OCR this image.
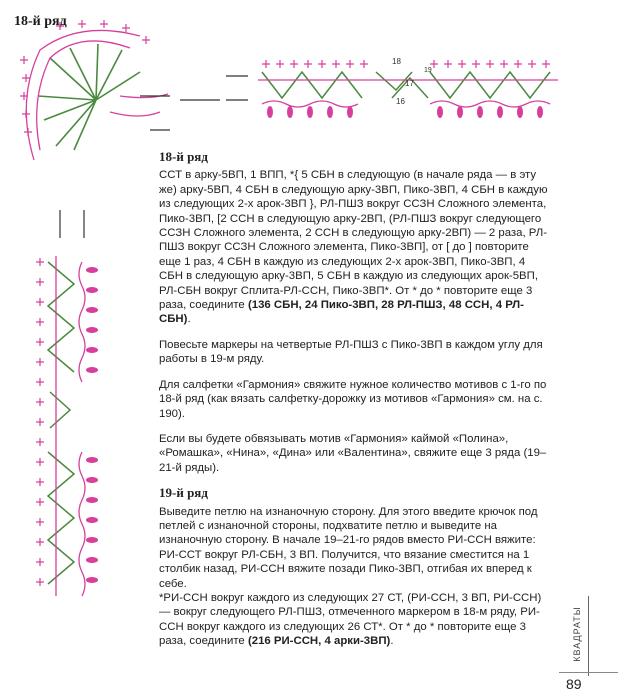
18-й ряд
18
17
16
19
18-й ряд

ССТ в арку-5ВП, 1 ВПП, *{ 5 СБН в следующую (в начале ряда — в эту же) арку-5ВП, 4 СБН в следующую арку-3ВП, Пико-3ВП, 4 СБН в каждую из следующих 2-х арок-3ВП }, РЛ-ПШЗ вокруг ССЗН Сложного элемента, Пико-3ВП, [2 ССН в следующую арку-2ВП, (РЛ-ПШЗ вокруг следующего ССЗН Сложного элемента, 2 ССН в следующую арку-2ВП) — 2 раза, РЛ-ПШЗ вокруг ССЗН Сложного элемента, Пико-3ВП], от [ до ] повторите еще 1 раз, 4 СБН в каждую из следующих 2-х арок-3ВП, Пико-3ВП, 4 СБН в следующую арку-3ВП, 5 СБН в каждую из следующих арок-5ВП, РЛ-СБН вокруг Сплита-РЛ-ССН, Пико-3ВП*. От * до * повторите еще 3 раза, соедините (136 СБН, 24 Пико-3ВП, 28 РЛ-ПШЗ, 48 ССН, 4 РЛ-СБН).

Повесьте маркеры на четвертые РЛ-ПШЗ с Пико-3ВП в каждом углу для работы в 19-м ряду.

Для салфетки «Гармония» свяжите нужное количество мотивов с 1-го по 18-й ряд (как вязать салфетку-дорожку из мотивов «Гармония» см. на с. 190).

Если вы будете обвязывать мотив «Гармония» каймой «Полина», «Ромашка», «Нина», «Дина» или «Валентина», свяжите еще 3 ряда (19–21-й ряды).

19-й ряд

Выведите петлю на изнаночную сторону. Для этого введите крючок под петлей с изнаночной стороны, подхватите петлю и выведите на изнаночную сторону. В начале 19–21-го рядов вместо РИ-ССН вяжите: РИ-ССТ вокруг РЛ-СБН, 3 ВП. Получится, что вязание сместится на 1 столбик назад, РИ-ССН вяжите позади Пико-3ВП, отгибая их вперед к себе.

*РИ-ССН вокруг каждого из следующих 27 СТ, (РИ-ССН, 3 ВП, РИ-ССН) — вокруг следующего РЛ-ПШЗ, отмеченного маркером в 18-м ряду, РИ-ССН вокруг каждого из следующих 26 СТ*. От * до * повторите еще 3 раза, соедините (216 РИ-ССН, 4 арки-3ВП).	КВАДРАТЫ
89
